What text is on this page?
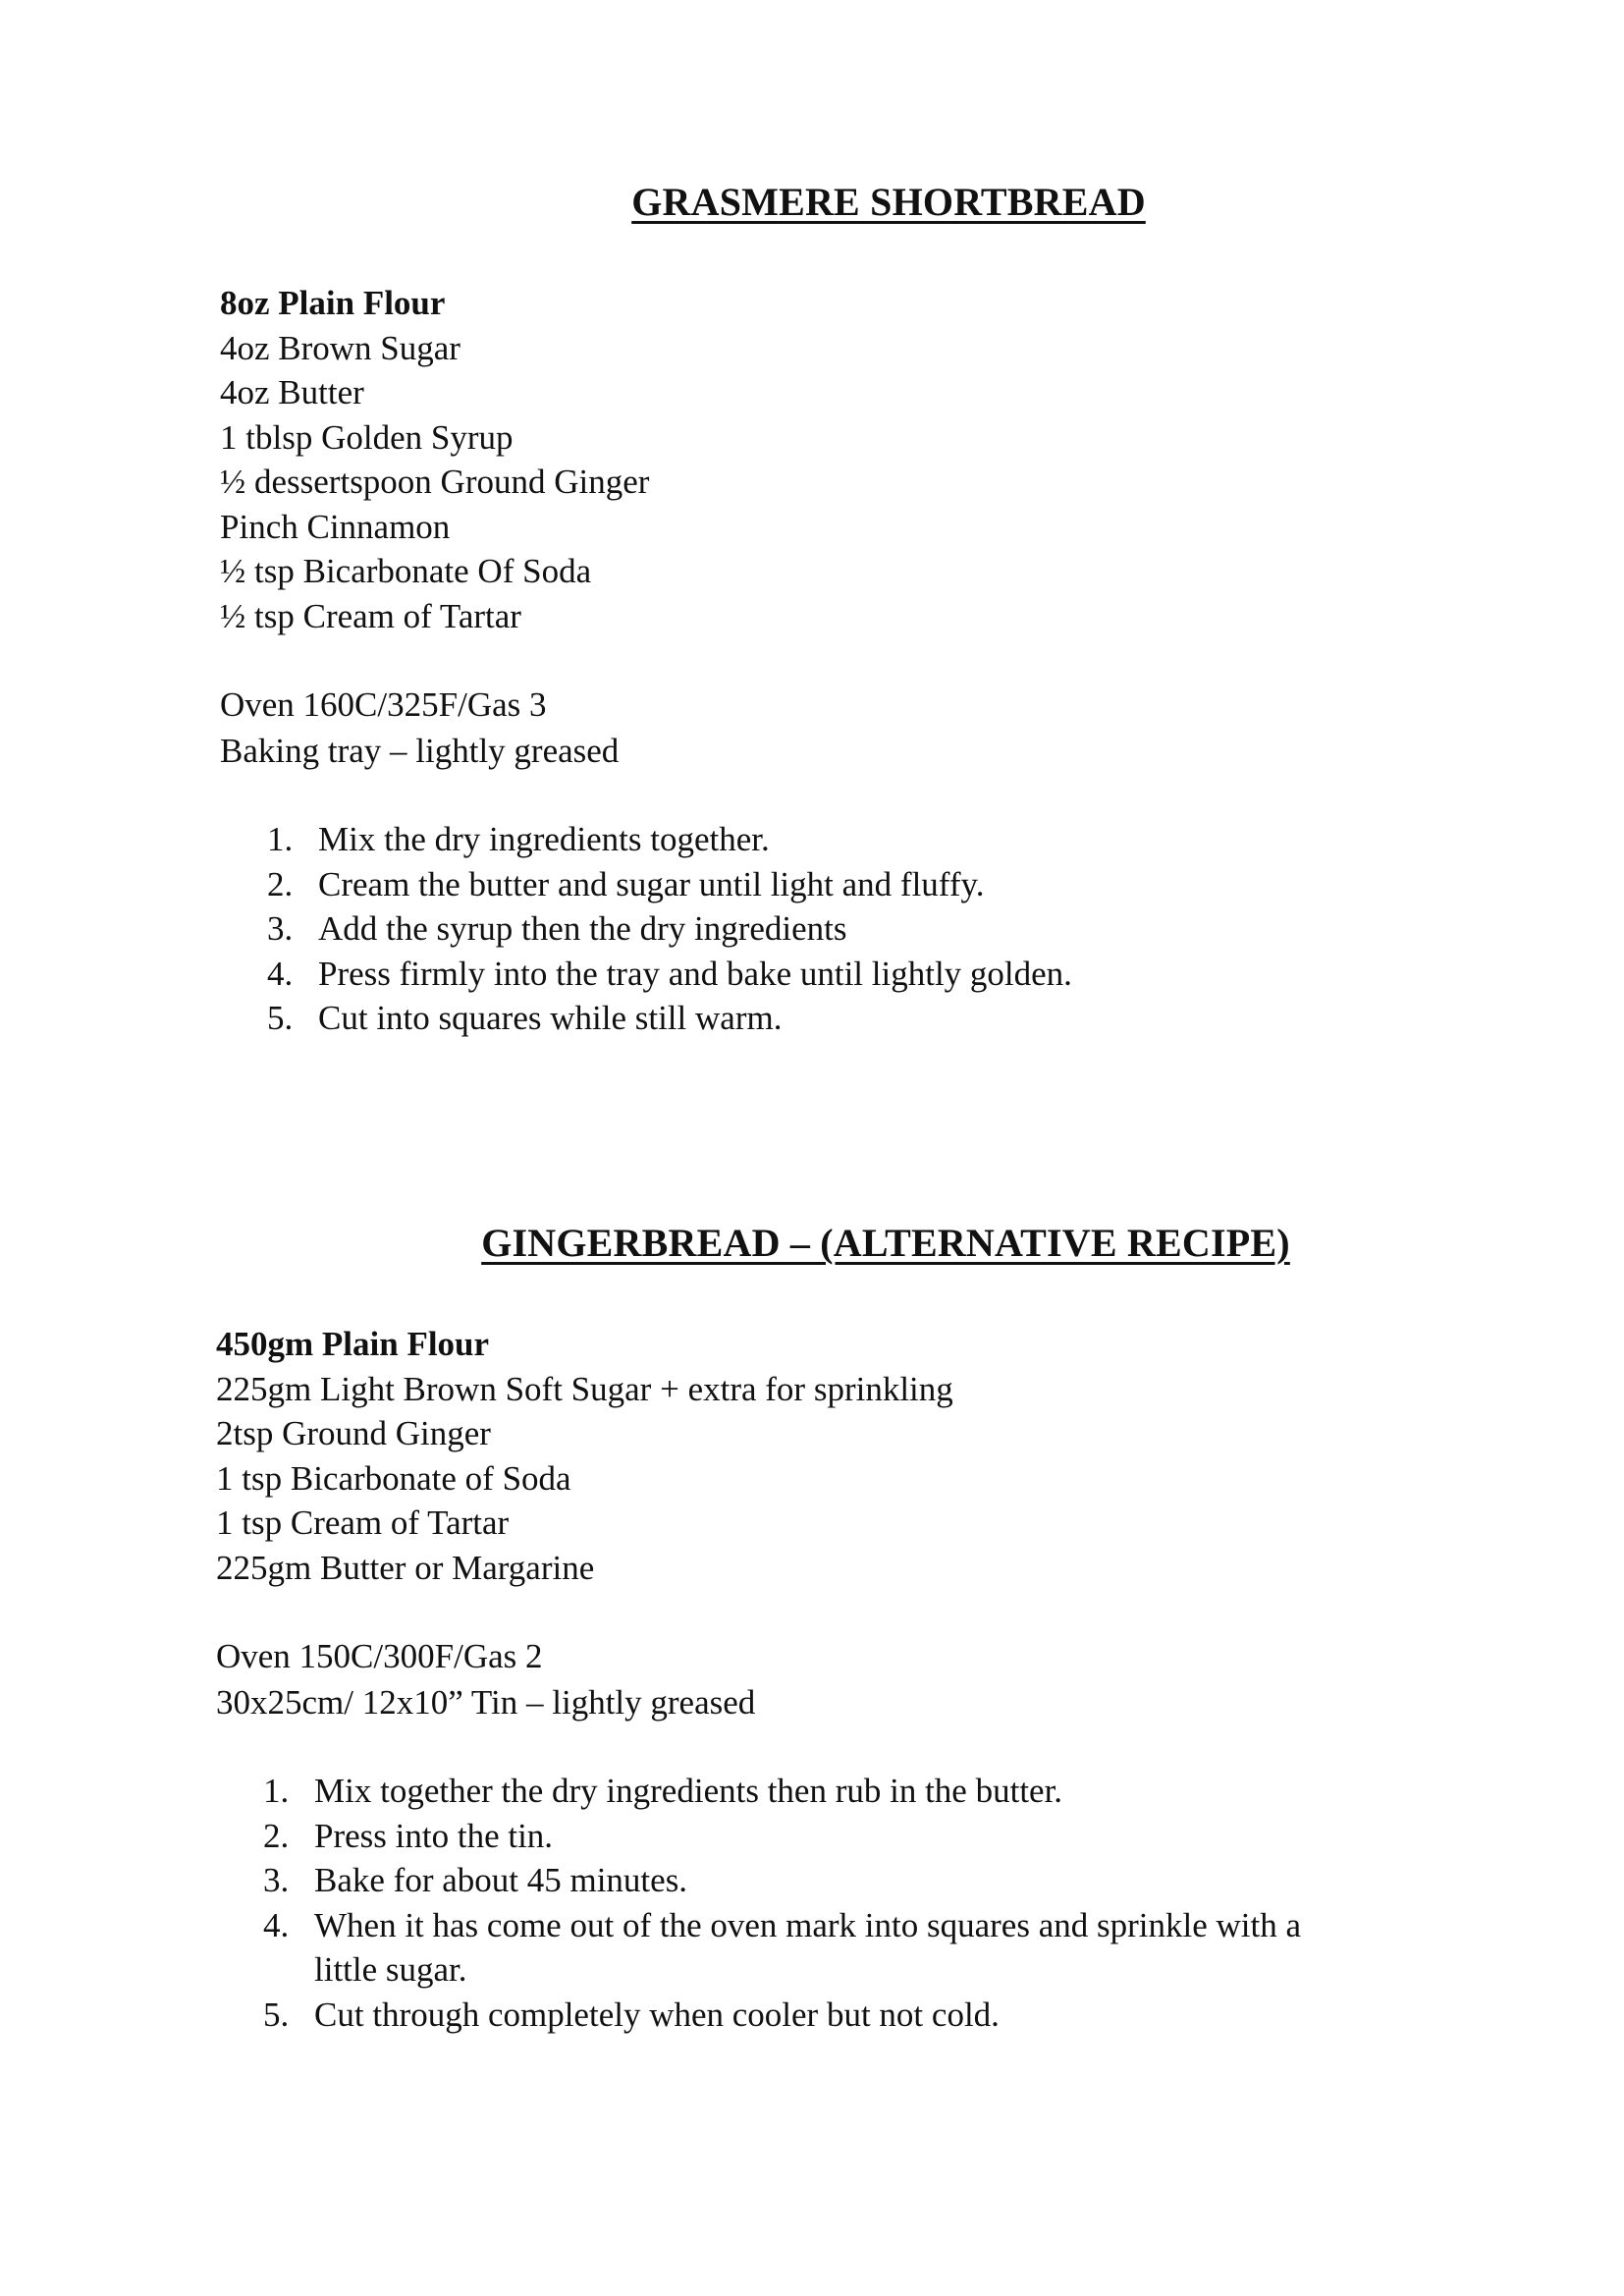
GRASMERE SHORTBREAD
8oz Plain Flour
4oz Brown Sugar
4oz Butter
1 tblsp Golden Syrup
½ dessertspoon Ground Ginger
Pinch Cinnamon
½ tsp Bicarbonate Of Soda
½ tsp Cream of Tartar
Oven 160C/325F/Gas 3
Baking tray – lightly greased
1. Mix the dry ingredients together.
2. Cream the butter and sugar until light and fluffy.
3. Add the syrup then the dry ingredients
4. Press firmly into the tray and bake until lightly golden.
5. Cut into squares while still warm.
GINGERBREAD – (ALTERNATIVE RECIPE)
450gm Plain Flour
225gm Light Brown Soft Sugar + extra for sprinkling
2tsp Ground Ginger
1 tsp Bicarbonate of Soda
1 tsp Cream of Tartar
225gm Butter or Margarine
Oven 150C/300F/Gas 2
30x25cm/ 12x10” Tin – lightly greased
1. Mix together the dry ingredients then rub in the butter.
2. Press into the tin.
3. Bake for about 45 minutes.
4. When it has come out of the oven mark into squares and sprinkle with a little sugar.
5. Cut through completely when cooler but not cold.
